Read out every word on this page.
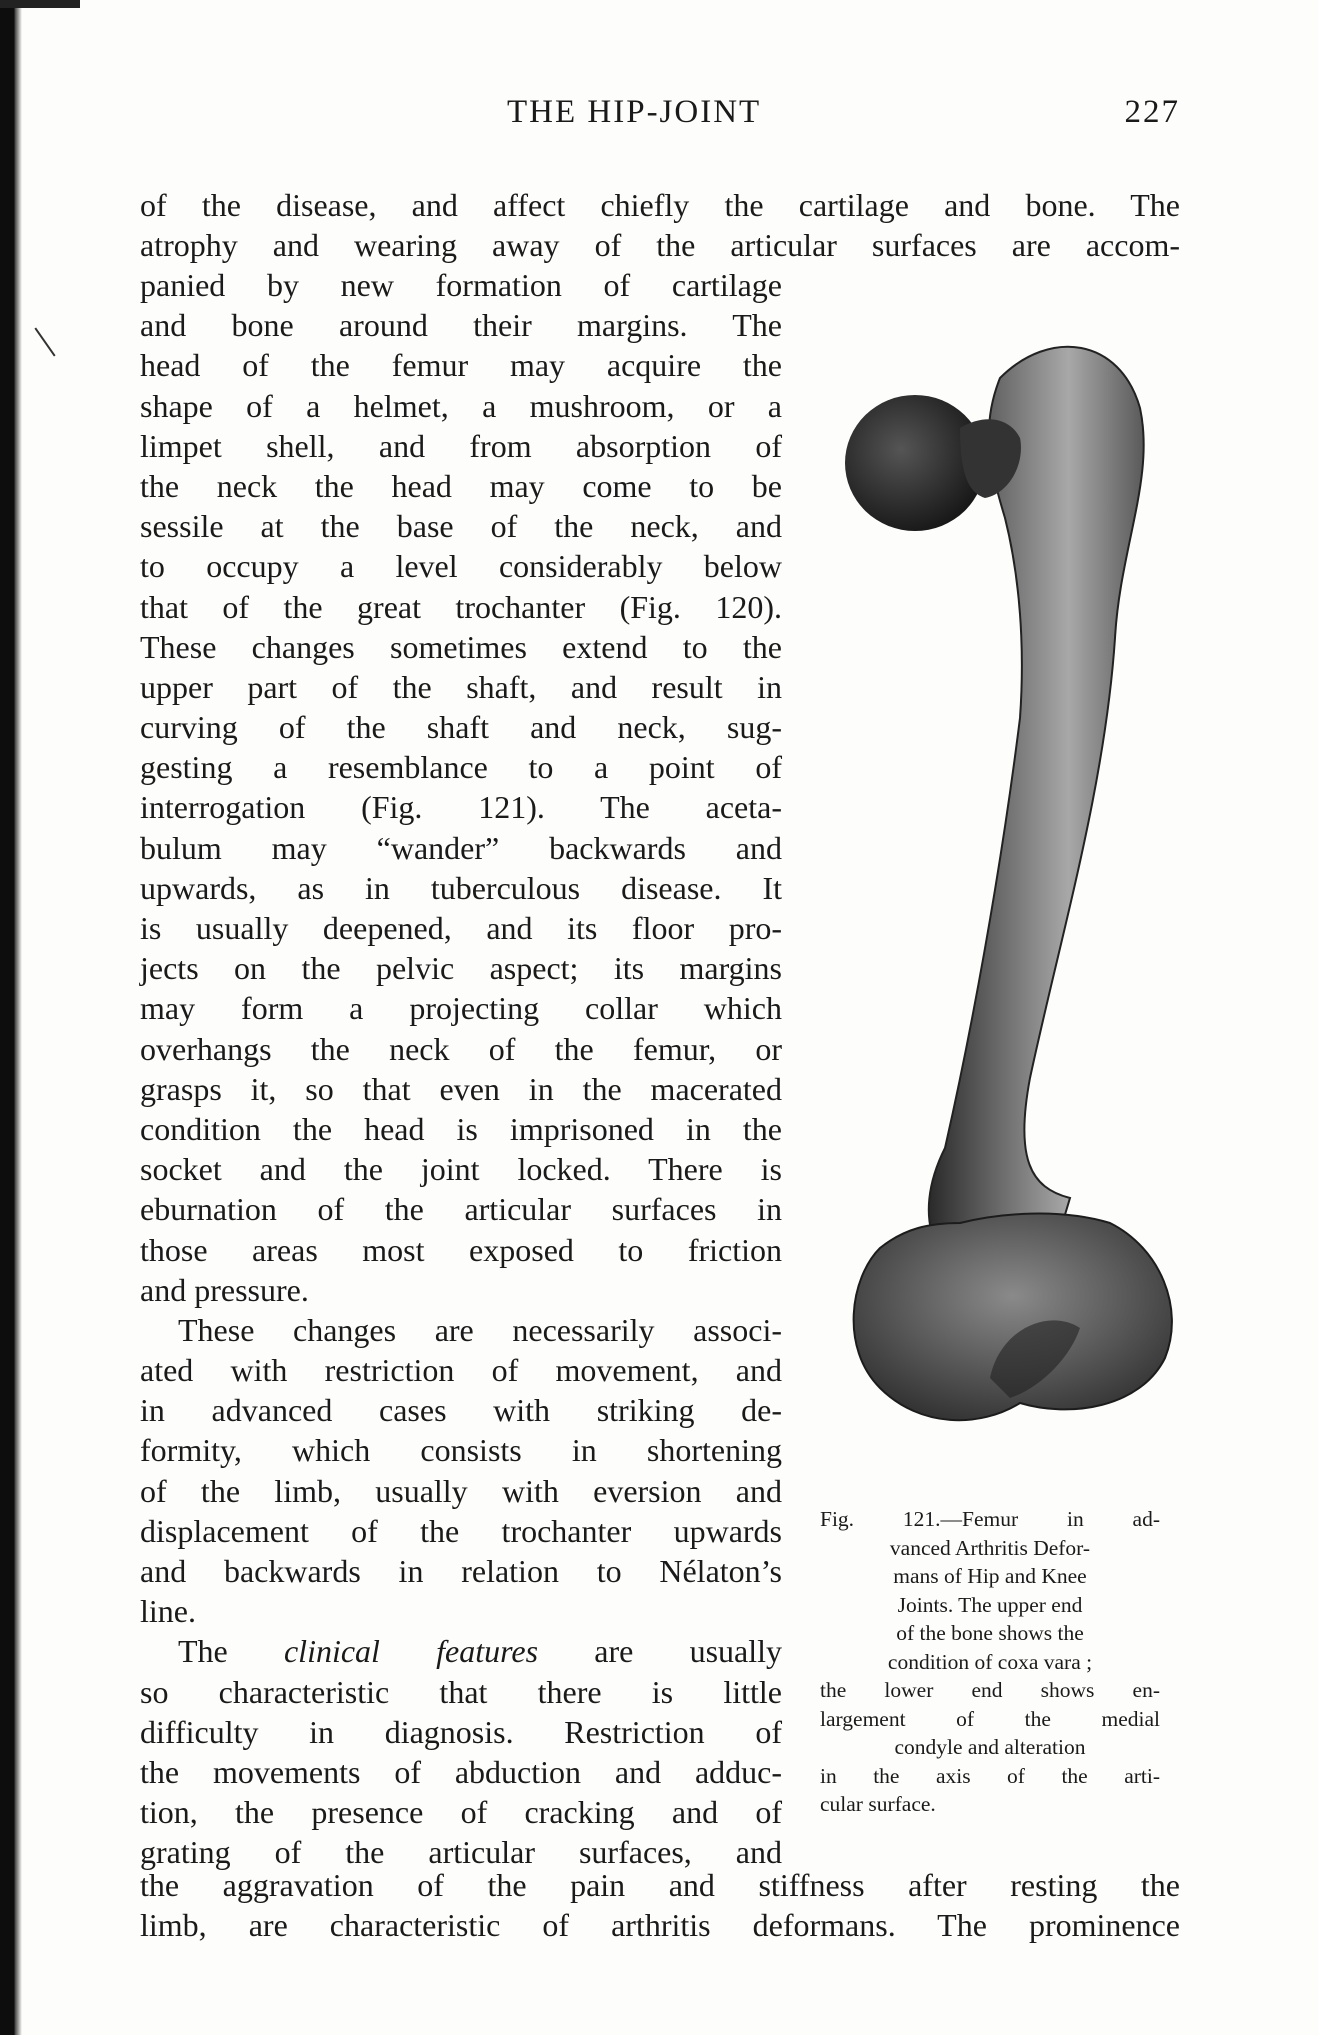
THE HIP-JOINT	227
of the disease, and affect chiefly the cartilage and bone. The
atrophy and wearing away of the articular surfaces are accom-
panied by new formation of cartilage
and bone around their margins. The
head of the femur may acquire the
shape of a helmet, a mushroom, or a
limpet shell, and from absorption of
the neck the head may come to be
sessile at the base of the neck, and
to occupy a level considerably below
that of the great trochanter (Fig. 120).
These changes sometimes extend to the
upper part of the shaft, and result in
curving of the shaft and neck, sug-
gesting a resemblance to a point of
interrogation (Fig. 121). The aceta-
bulum may “wander” backwards and
upwards, as in tuberculous disease. It
is usually deepened, and its floor pro-
jects on the pelvic aspect; its margins
may form a projecting collar which
overhangs the neck of the femur, or
grasps it, so that even in the macerated
condition the head is imprisoned in the
socket and the joint locked. There is
eburnation of the articular surfaces in
those areas most exposed to friction
and pressure.
These changes are necessarily associ-
ated with restriction of movement, and
in advanced cases with striking de-
formity, which consists in shortening
of the limb, usually with eversion and
displacement of the trochanter upwards
and backwards in relation to Nélaton’s
line.
The clinical features are usually
so characteristic that there is little
difficulty in diagnosis. Restriction of
the movements of abduction and adduc-
tion, the presence of cracking and of
grating of the articular surfaces, and
the aggravation of the pain and stiffness after resting the
limb, are characteristic of arthritis deformans. The prominence
Fig. 121.—Femur in ad-
vanced Arthritis Defor-
mans of Hip and Knee
Joints. The upper end
of the bone shows the
condition of coxa vara ;
the lower end shows en-
largement of the medial
condyle and alteration
in the axis of the arti-
cular surface.
